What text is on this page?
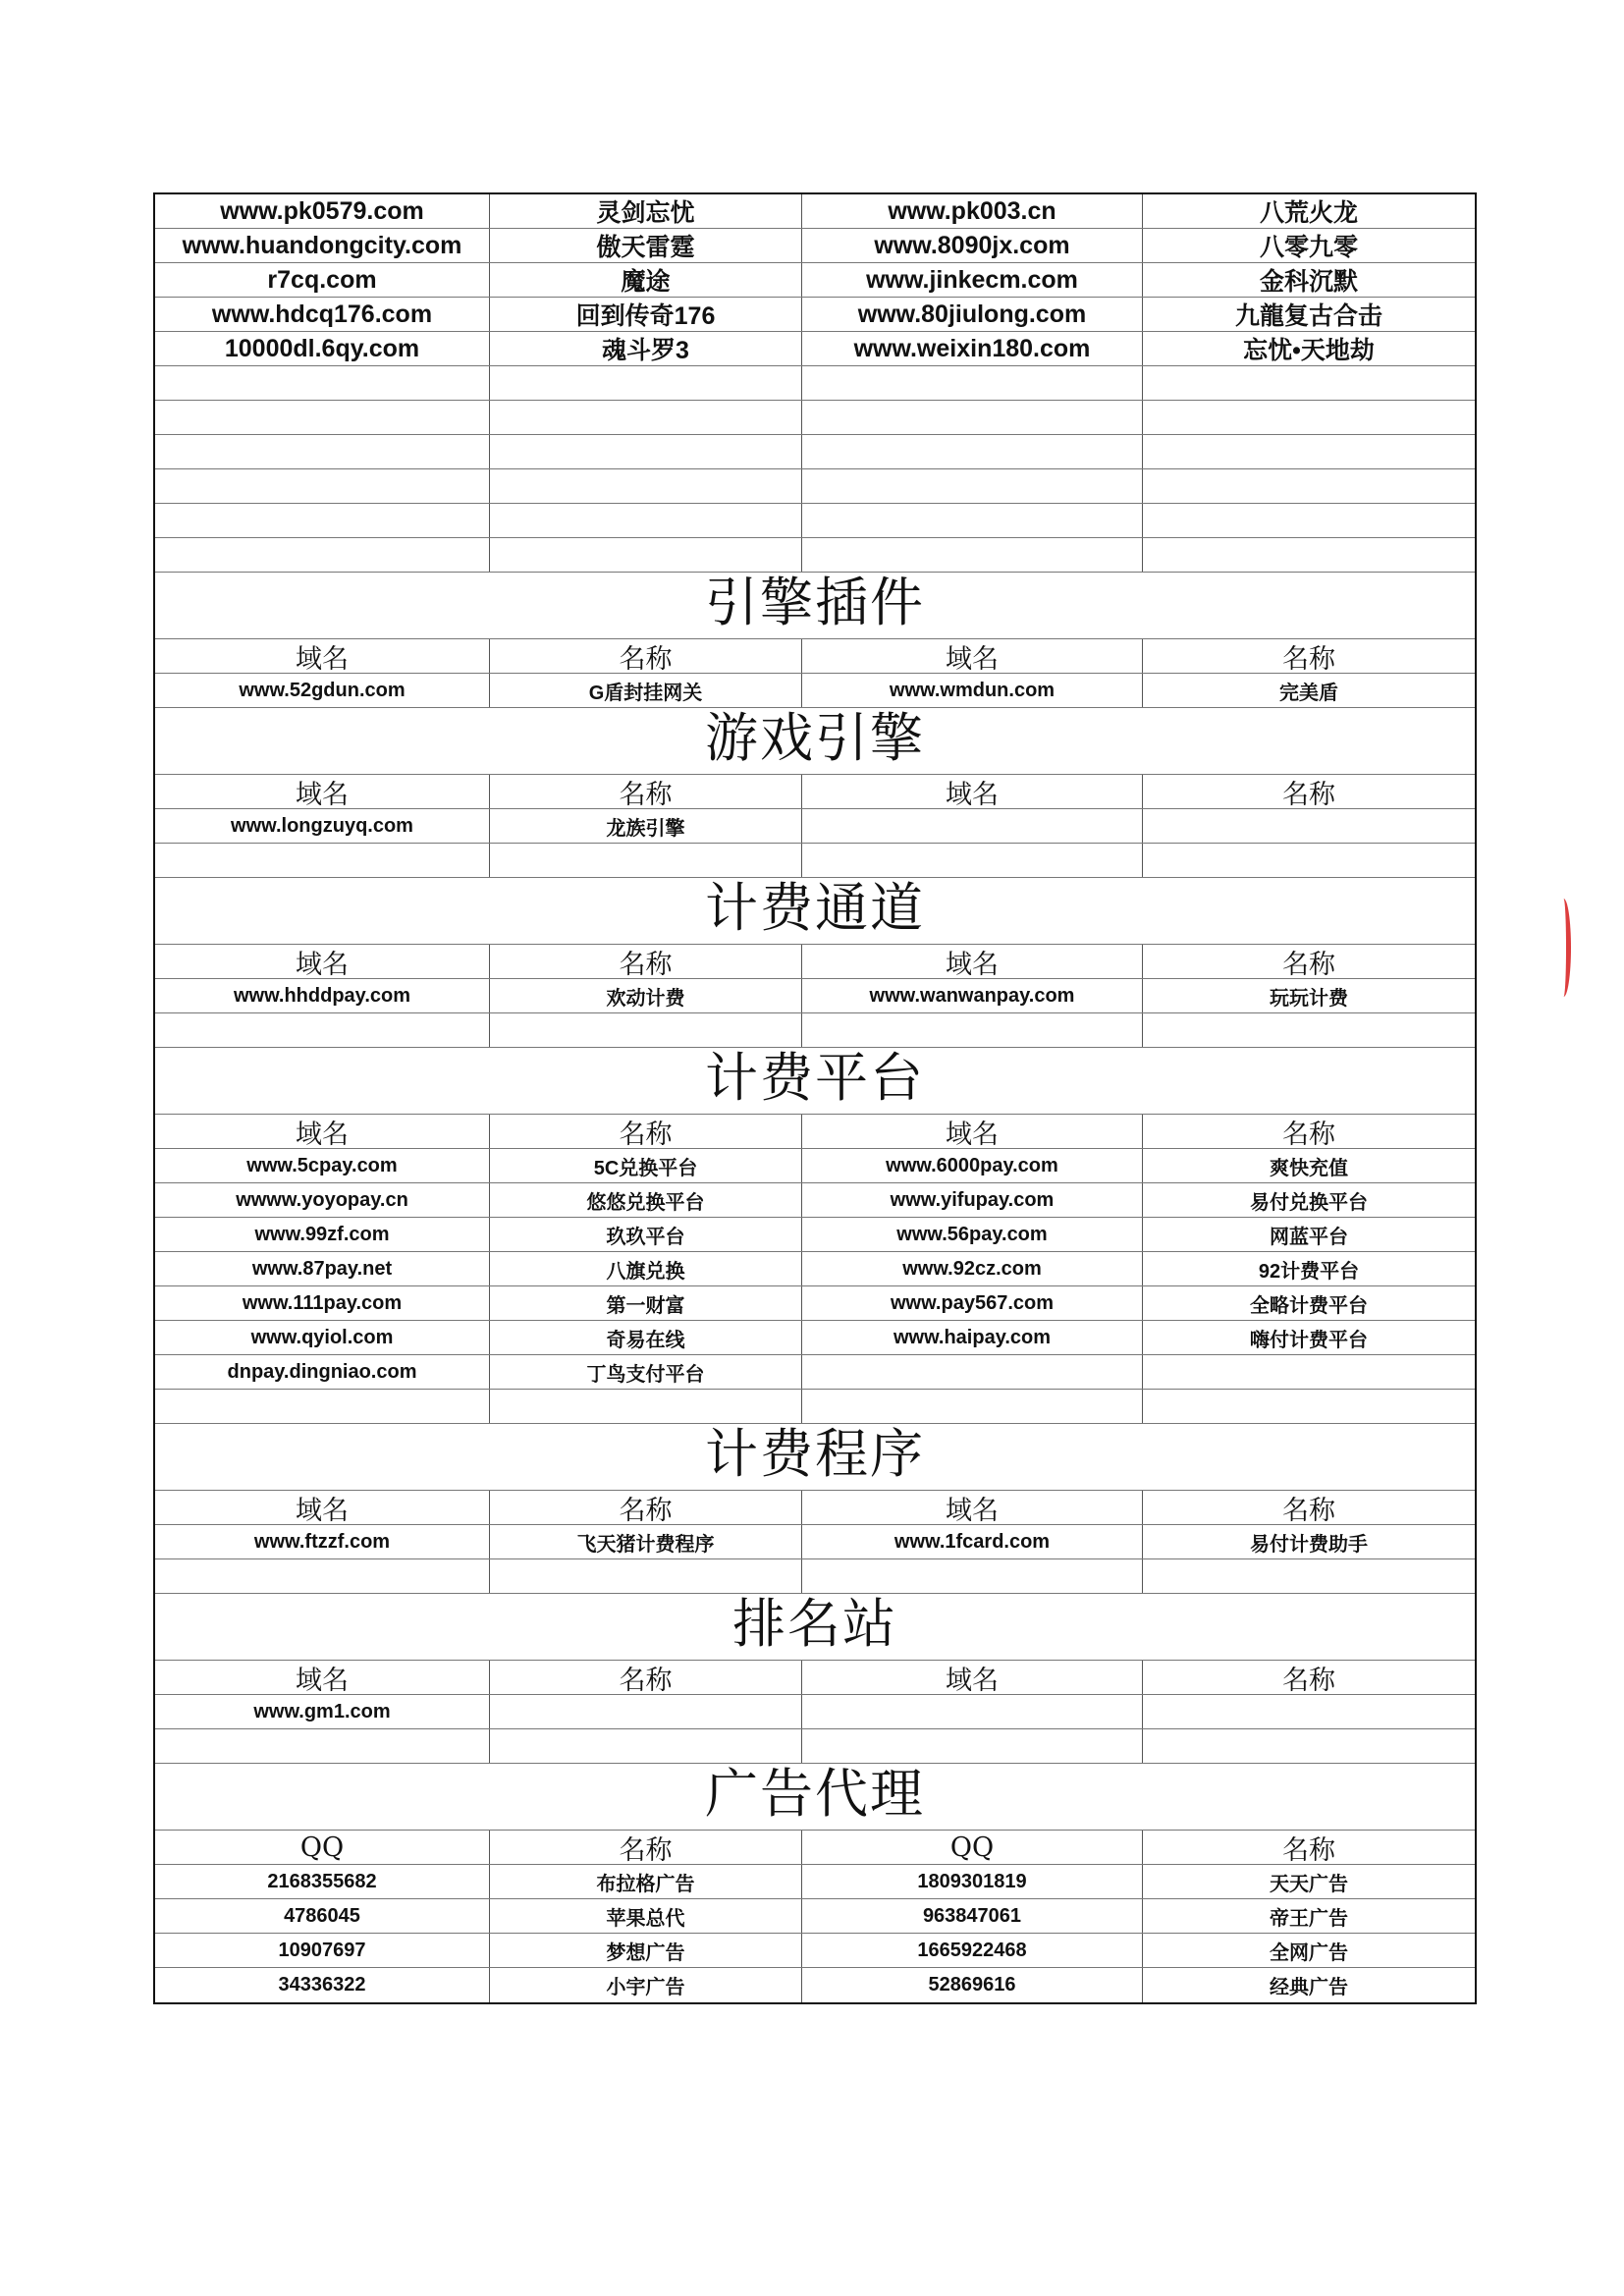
www.pk0579.com	灵剑忘忧	www.pk003.cn	八荒火龙
www.huandongcity.com	傲天雷霆	www.8090jx.com	八零九零
r7cq.com	魔途	www.jinkecm.com	金科沉默
www.hdcq176.com	回到传奇176	www.80jiulong.com	九龍复古合击
10000dl.6qy.com	魂斗罗3	www.weixin180.com	忘忧•天地劫
引擎插件
域名	名称	域名	名称
www.52gdun.com	G盾封挂网关	www.wmdun.com	完美盾
游戏引擎
域名	名称	域名	名称
www.longzuyq.com	龙族引擎
计费通道
域名	名称	域名	名称
www.hhddpay.com	欢动计费	www.wanwanpay.com	玩玩计费
计费平台
域名	名称	域名	名称
www.5cpay.com	5C兑换平台	www.6000pay.com	爽快充值
wwww.yoyopay.cn	悠悠兑换平台	www.yifupay.com	易付兑换平台
www.99zf.com	玖玖平台	www.56pay.com	网蓝平台
www.87pay.net	八旗兑换	www.92cz.com	92计费平台
www.111pay.com	第一财富	www.pay567.com	全略计费平台
www.qyiol.com	奇易在线	www.haipay.com	嗨付计费平台
dnpay.dingniao.com	丁鸟支付平台
计费程序
域名	名称	域名	名称
www.ftzzf.com	飞天猪计费程序	www.1fcard.com	易付计费助手
排名站
域名	名称	域名	名称
www.gm1.com
广告代理
QQ	名称	QQ	名称
2168355682	布拉格广告	1809301819	天天广告
4786045	苹果总代	963847061	帝王广告
10907697	梦想广告	1665922468	全网广告
34336322	小宇广告	52869616	经典广告
